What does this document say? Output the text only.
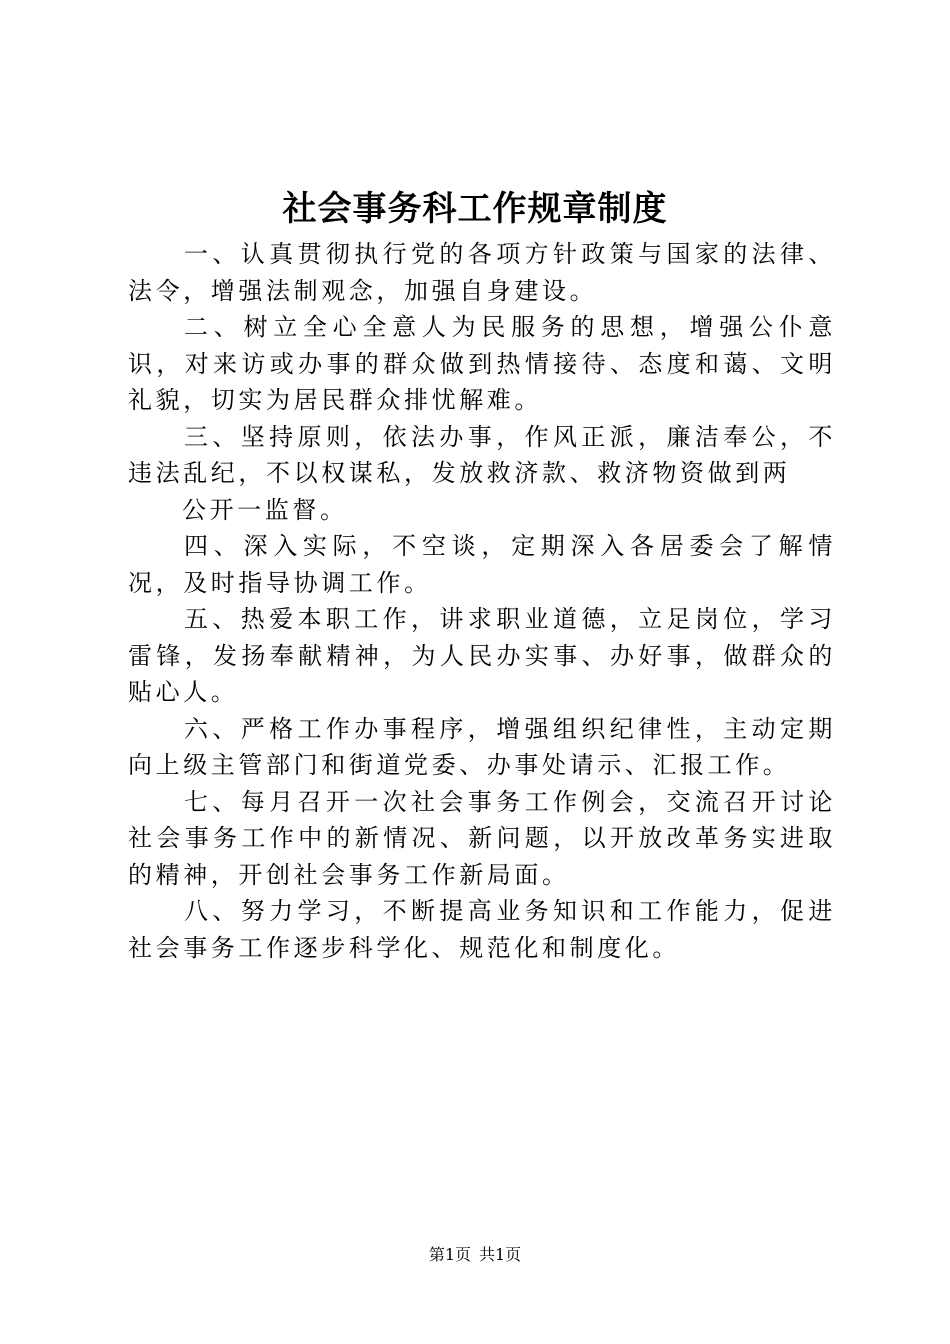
社会事务科工作规章制度

一、认真贯彻执行党的各项方针政策与国家的法律、法令，增强法制观念，加强自身建设。

二、树立全心全意人为民服务的思想，增强公仆意识，对来访或办事的群众做到热情接待、态度和蔼、文明礼貌，切实为居民群众排忧解难。

三、坚持原则，依法办事，作风正派，廉洁奉公，不违法乱纪，不以权谋私，发放救济款、救济物资做到两

公开一监督。

四、深入实际，不空谈，定期深入各居委会了解情况，及时指导协调工作。

五、热爱本职工作，讲求职业道德，立足岗位，学习雷锋，发扬奉献精神，为人民办实事、办好事，做群众的贴心人。

六、严格工作办事程序，增强组织纪律性，主动定期向上级主管部门和街道党委、办事处请示、汇报工作。

七、每月召开一次社会事务工作例会，交流召开讨论社会事务工作中的新情况、新问题，以开放改革务实进取的精神，开创社会事务工作新局面。

八、努力学习，不断提高业务知识和工作能力，促进社会事务工作逐步科学化、规范化和制度化。

第1页 共1页
